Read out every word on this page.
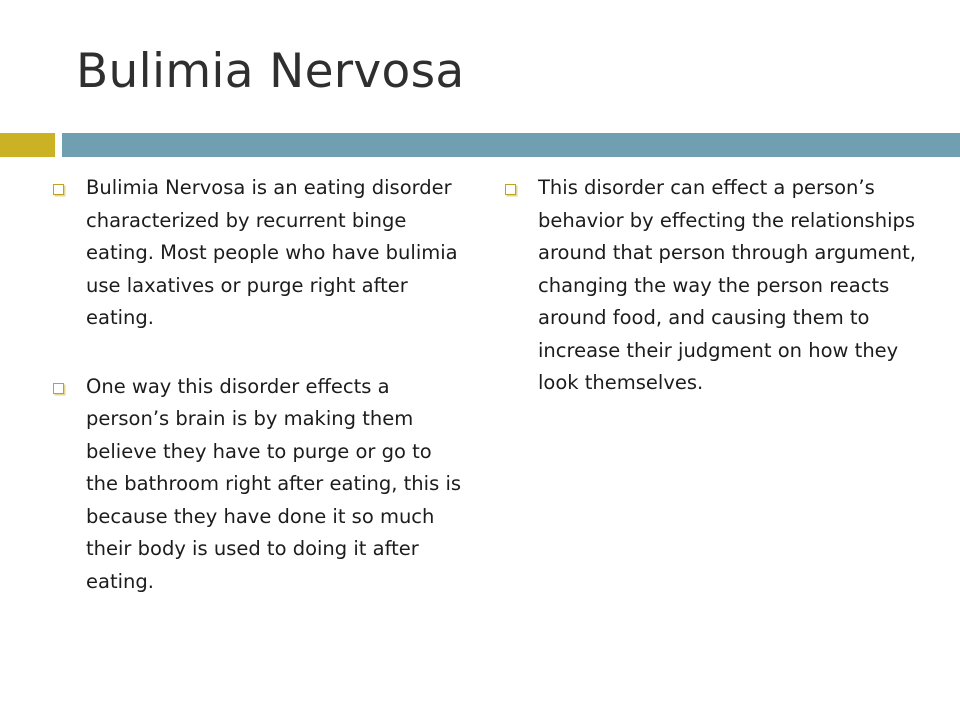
Bulimia Nervosa
Bulimia Nervosa is an eating disorder characterized by recurrent binge eating. Most people who have bulimia use laxatives or purge right after eating.
One way this disorder effects a person’s brain is by making them believe they have to purge or go to the bathroom right after eating, this is because they have done it so much their body is used to doing it after eating.
This disorder can effect a person’s behavior by effecting the relationships around that person through argument, changing the way the person reacts around food, and causing them to increase their judgment on how they look themselves.
